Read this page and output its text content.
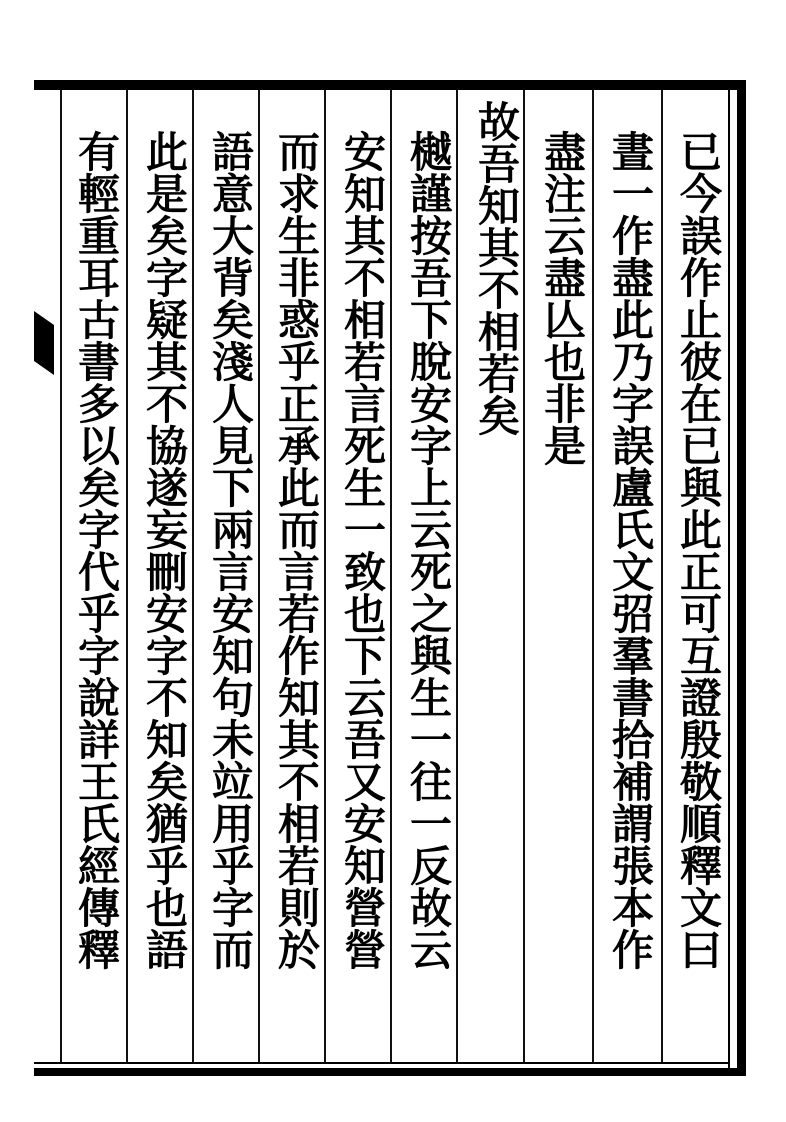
已今誤作止彼在已與此正可互證殷敬順釋文曰
晝一作盡此乃字誤盧氏文弨羣書拾補謂張本作
盡注云盡亾也非是
故吾知其不相若矣
樾謹按吾下脫安字上云死之與生一往一反故云
安知其不相若言死生一致也下云吾又安知營營
而求生非惑乎正承此而言若作知其不相若則於
語意大背矣淺人見下兩言安知句未竝用乎字而
此是矣字疑其不協遂妄刪安字不知矣猶乎也語
有輕重耳古書多以矣字代乎字說詳王氏經傳釋
